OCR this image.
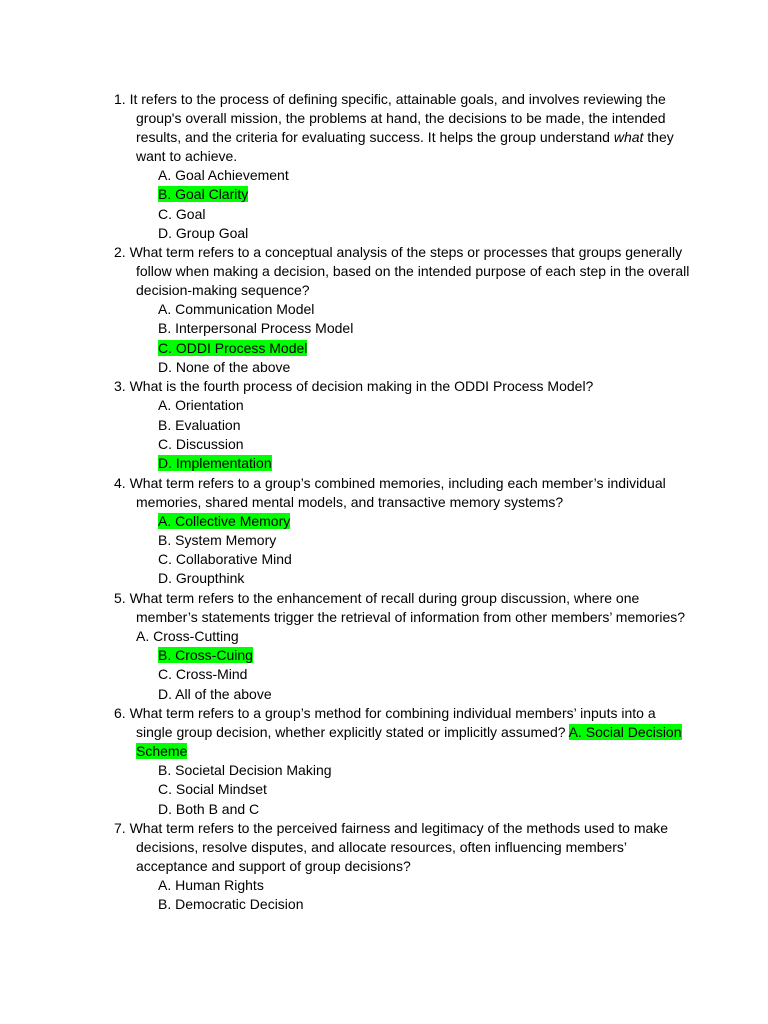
1. It refers to the process of defining specific, attainable goals, and involves reviewing the group's overall mission, the problems at hand, the decisions to be made, the intended results, and the criteria for evaluating success. It helps the group understand what they want to achieve.
A. Goal Achievement
B. Goal Clarity
C. Goal
D. Group Goal
2. What term refers to a conceptual analysis of the steps or processes that groups generally follow when making a decision, based on the intended purpose of each step in the overall decision-making sequence?
A. Communication Model
B. Interpersonal Process Model
C. ODDI Process Model
D. None of the above
3. What is the fourth process of decision making in the ODDI Process Model?
A. Orientation
B. Evaluation
C. Discussion
D. Implementation
4. What term refers to a group’s combined memories, including each member’s individual memories, shared mental models, and transactive memory systems?
A. Collective Memory
B. System Memory
C. Collaborative Mind
D. Groupthink
5. What term refers to the enhancement of recall during group discussion, where one member’s statements trigger the retrieval of information from other members’ memories?
A. Cross-Cutting
B. Cross-Cuing
C. Cross-Mind
D. All of the above
6. What term refers to a group’s method for combining individual members’ inputs into a single group decision, whether explicitly stated or implicitly assumed? A. Social Decision Scheme
B. Societal Decision Making
C. Social Mindset
D. Both B and C
7. What term refers to the perceived fairness and legitimacy of the methods used to make decisions, resolve disputes, and allocate resources, often influencing members’ acceptance and support of group decisions?
A. Human Rights
B. Democratic Decision
